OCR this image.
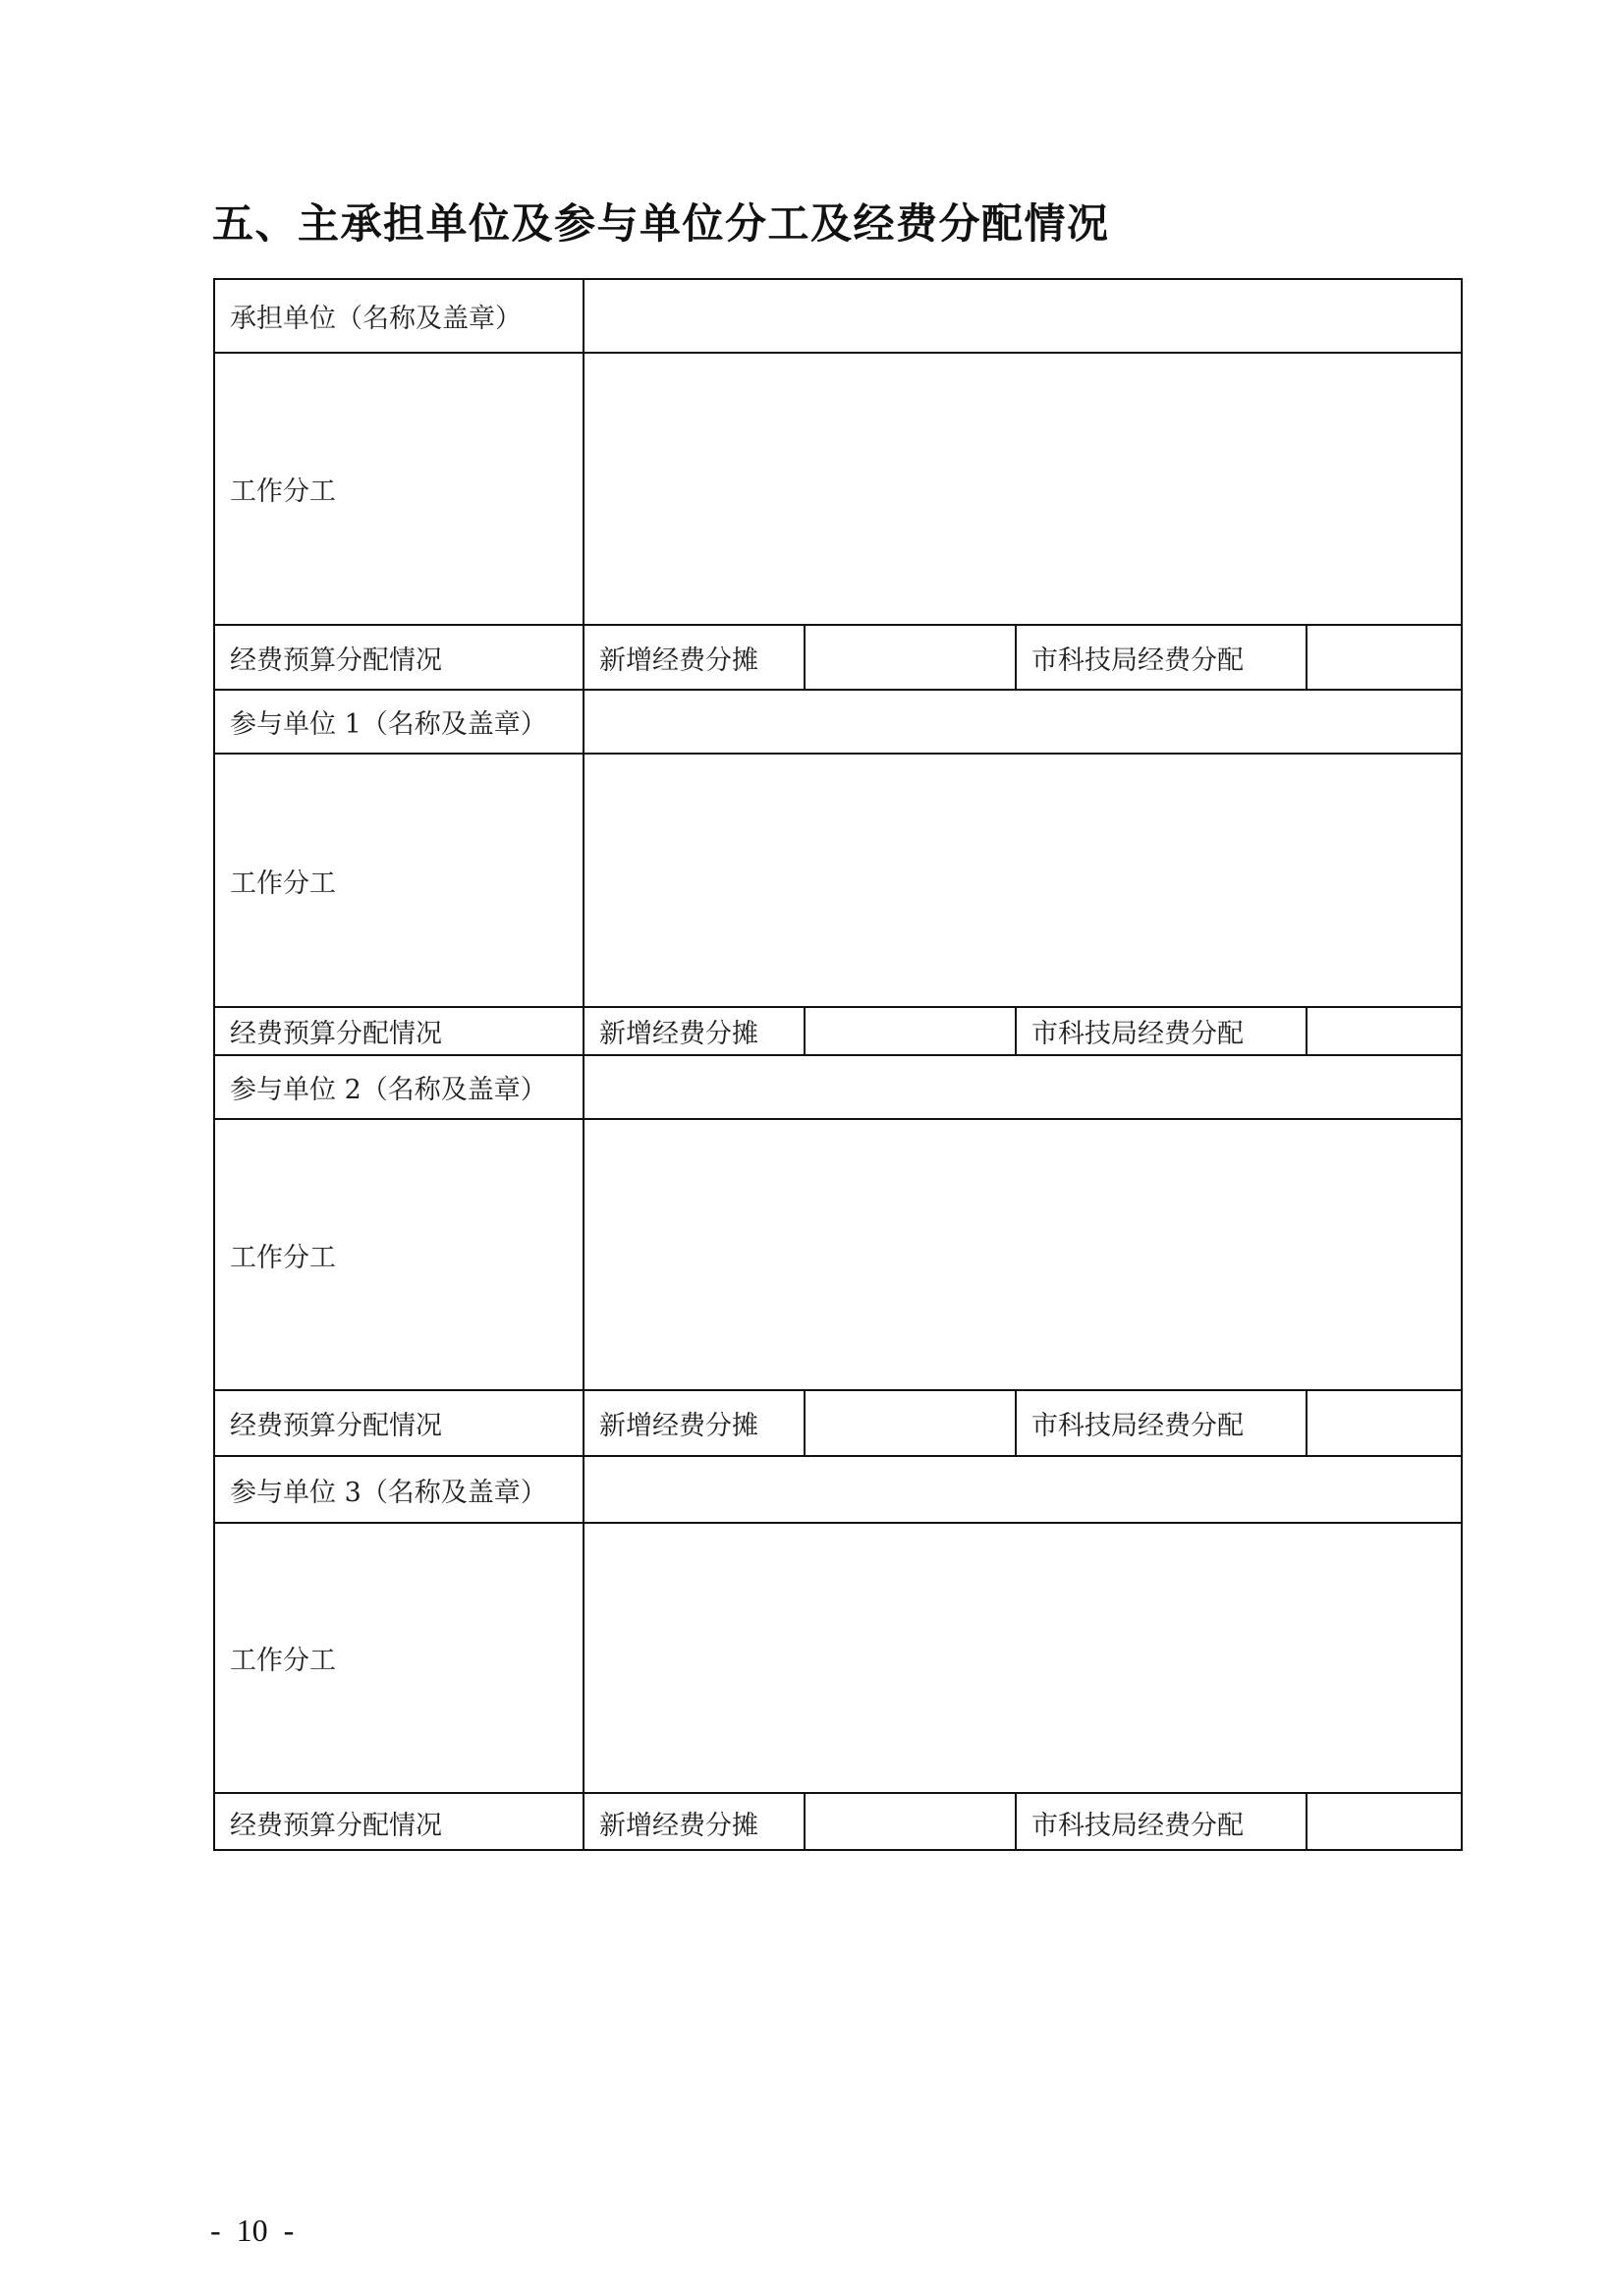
五、主承担单位及参与单位分工及经费分配情况
承担单位（名称及盖章）
工作分工
经费预算分配情况	新增经费分摊	市科技局经费分配
参与单位 1（名称及盖章）
工作分工
经费预算分配情况	新增经费分摊	市科技局经费分配
参与单位 2（名称及盖章）
工作分工
经费预算分配情况	新增经费分摊	市科技局经费分配
参与单位 3（名称及盖章）
工作分工
经费预算分配情况	新增经费分摊	市科技局经费分配
-  10  -
